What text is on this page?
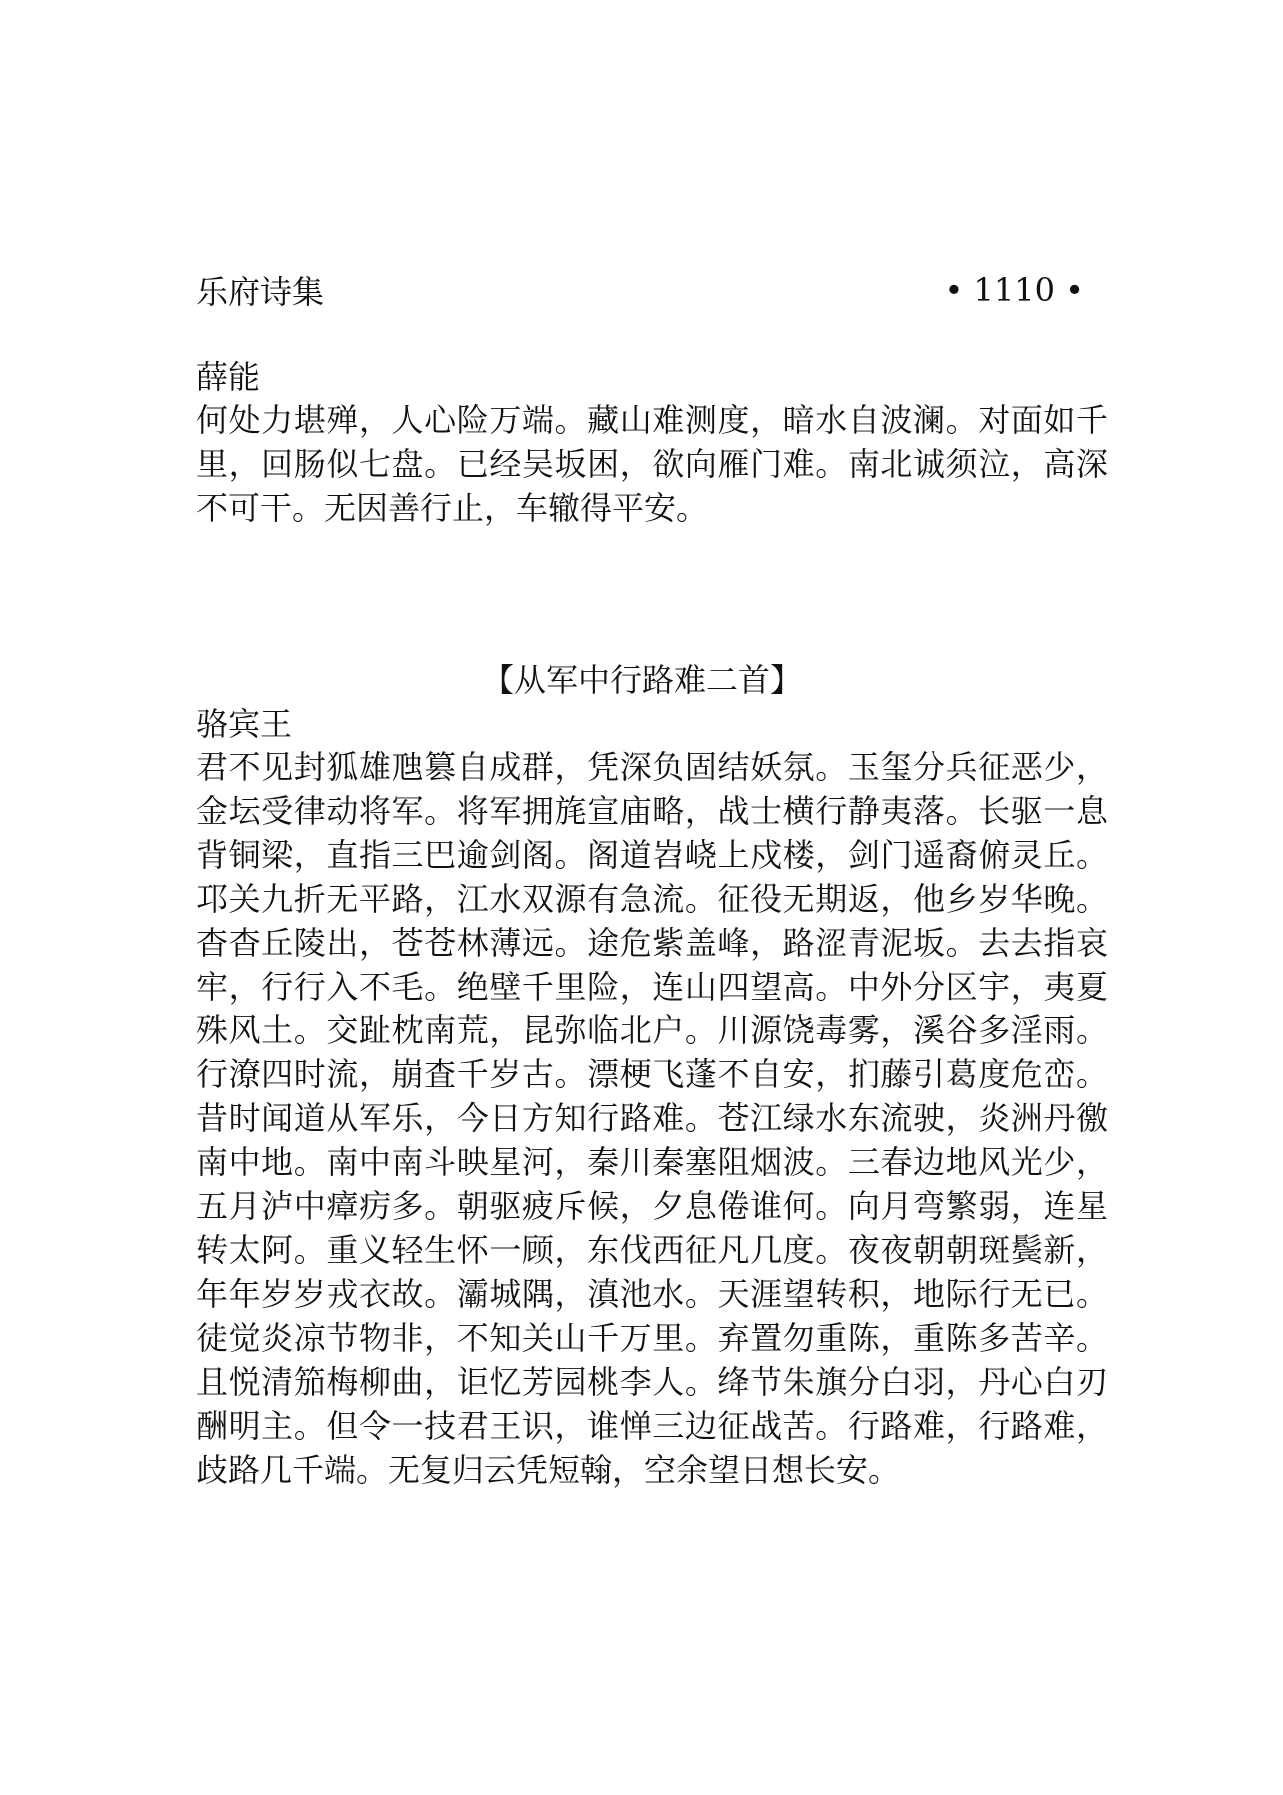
乐府诗集	• 1110 •

薛能

何处力堪殚，人心险万端。藏山难测度，暗水自波澜。对面如千里，回肠似七盘。已经吴坂困，欲向雁门难。南北诚须泣，高深不可干。无因善行止，车辙得平安。

【从军中行路难二首】

骆宾王

君不见封狐雄虺篡自成群，凭深负固结妖氛。玉玺分兵征恶少，金坛受律动将军。将军拥旄宣庙略，战士横行静夷落。长驱一息背铜梁，直指三巴逾剑阁。阁道岧峣上戍楼，剑门遥裔俯灵丘。邛关九折无平路，江水双源有急流。征役无期返，他乡岁华晚。杳杳丘陵出，苍苍林薄远。途危紫盖峰，路涩青泥坂。去去指哀牢，行行入不毛。绝壁千里险，连山四望高。中外分区宇，夷夏殊风土。交趾枕南荒，昆弥临北户。川源饶毒雾，溪谷多淫雨。行潦四时流，崩査千岁古。漂梗飞蓬不自安，扪藤引葛度危峦。昔时闻道从军乐，今日方知行路难。苍江绿水东流驶，炎洲丹徼南中地。南中南斗映星河，秦川秦塞阻烟波。三春边地风光少，五月泸中瘴疠多。朝驱疲斥候，夕息倦谁何。向月弯繁弱，连星转太阿。重义轻生怀一顾，东伐西征凡几度。夜夜朝朝斑鬓新，年年岁岁戎衣故。灞城隅，滇池水。天涯望转积，地际行无已。徒觉炎凉节物非，不知关山千万里。弃置勿重陈，重陈多苦辛。且悦清笳梅柳曲，讵忆芳园桃李人。绛节朱旗分白羽，丹心白刃酬明主。但令一技君王识，谁惮三边征战苦。行路难，行路难，歧路几千端。无复归云凭短翰，空余望日想长安。
